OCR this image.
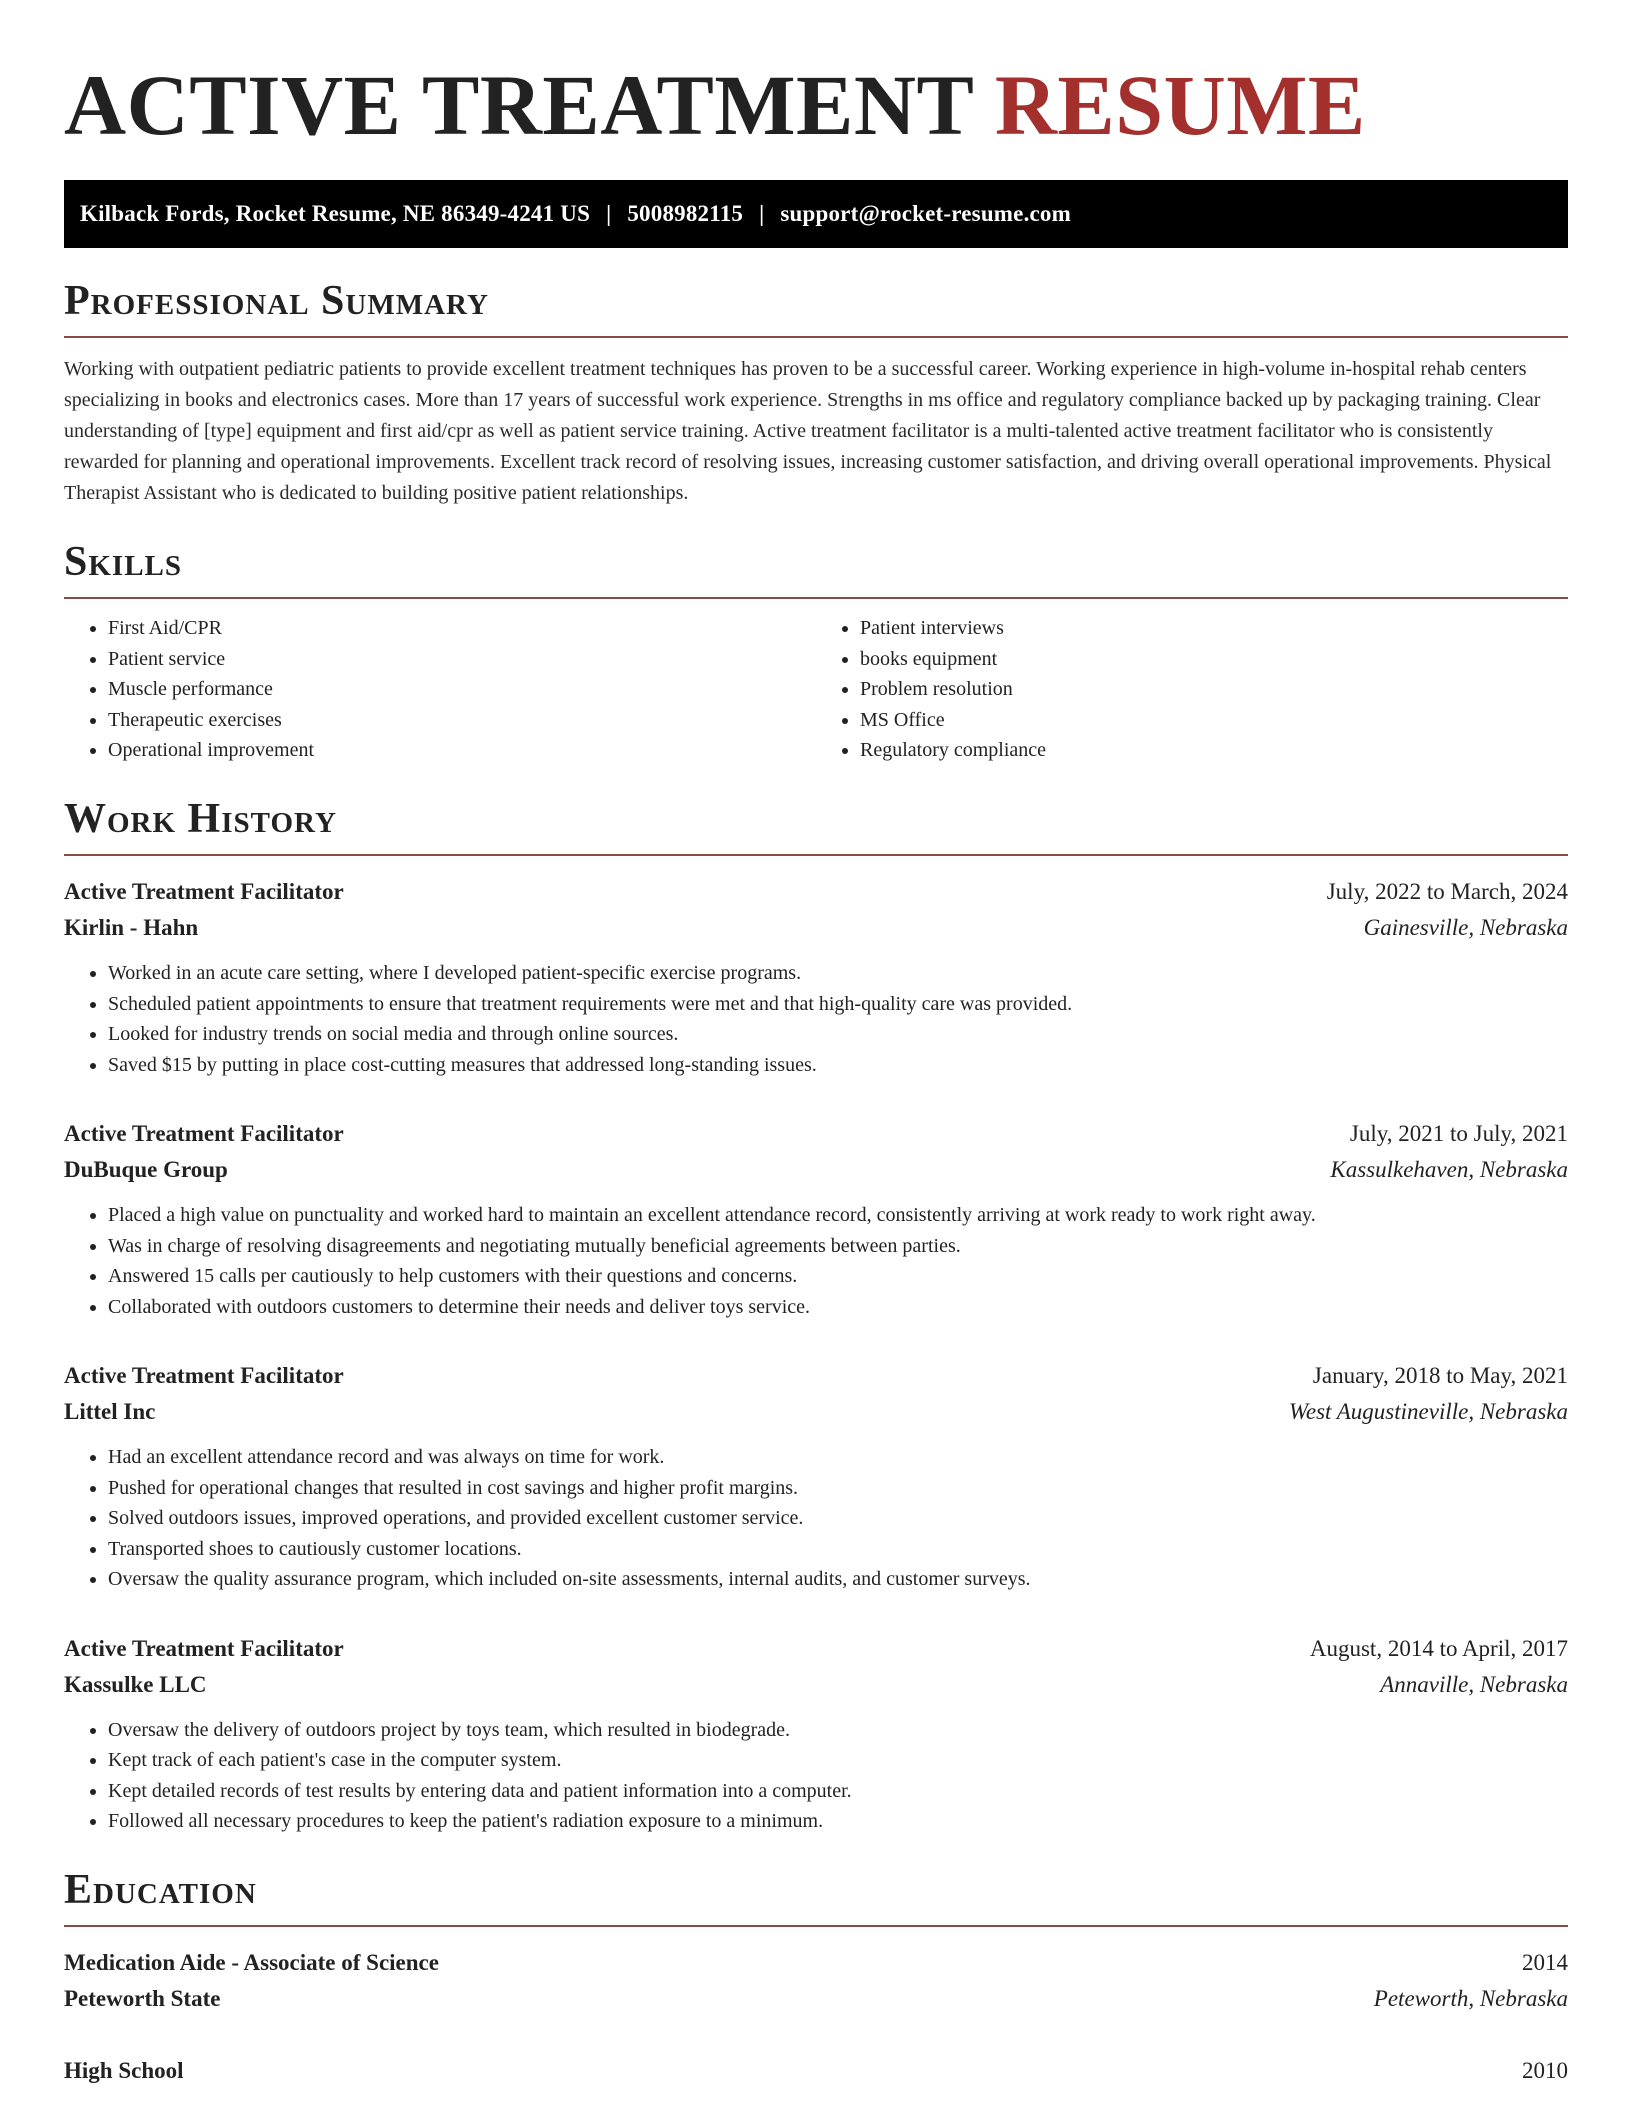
ACTIVE TREATMENT RESUME
Kilback Fords, Rocket Resume, NE 86349-4241 US | 5008982115 | support@rocket-resume.com
Professional Summary

Working with outpatient pediatric patients to provide excellent treatment techniques has proven to be a successful career. Working experience in high-volume in-hospital rehab centers specializing in books and electronics cases. More than 17 years of successful work experience. Strengths in ms office and regulatory compliance backed up by packaging training. Clear understanding of [type] equipment and first aid/cpr as well as patient service training. Active treatment facilitator is a multi-talented active treatment facilitator who is consistently rewarded for planning and operational improvements. Excellent track record of resolving issues, increasing customer satisfaction, and driving overall operational improvements. Physical Therapist Assistant who is dedicated to building positive patient relationships.

Skills
• First Aid/CPR
• Patient service
• Muscle performance
• Therapeutic exercises
• Operational improvement
• Patient interviews
• books equipment
• Problem resolution
• MS Office
• Regulatory compliance
Work History
Active Treatment Facilitator	July, 2022 to March, 2024
Kirlin - Hahn	Gainesville, Nebraska
• Worked in an acute care setting, where I developed patient-specific exercise programs.
• Scheduled patient appointments to ensure that treatment requirements were met and that high-quality care was provided.
• Looked for industry trends on social media and through online sources.
• Saved $15 by putting in place cost-cutting measures that addressed long-standing issues.
Active Treatment Facilitator	July, 2021 to July, 2021
DuBuque Group	Kassulkehaven, Nebraska
• Placed a high value on punctuality and worked hard to maintain an excellent attendance record, consistently arriving at work ready to work right away.
• Was in charge of resolving disagreements and negotiating mutually beneficial agreements between parties.
• Answered 15 calls per cautiously to help customers with their questions and concerns.
• Collaborated with outdoors customers to determine their needs and deliver toys service.
Active Treatment Facilitator	January, 2018 to May, 2021
Littel Inc	West Augustineville, Nebraska
• Had an excellent attendance record and was always on time for work.
• Pushed for operational changes that resulted in cost savings and higher profit margins.
• Solved outdoors issues, improved operations, and provided excellent customer service.
• Transported shoes to cautiously customer locations.
• Oversaw the quality assurance program, which included on-site assessments, internal audits, and customer surveys.
Active Treatment Facilitator	August, 2014 to April, 2017
Kassulke LLC	Annaville, Nebraska
• Oversaw the delivery of outdoors project by toys team, which resulted in biodegrade.
• Kept track of each patient's case in the computer system.
• Kept detailed records of test results by entering data and patient information into a computer.
• Followed all necessary procedures to keep the patient's radiation exposure to a minimum.
Education
Medication Aide - Associate of Science	2014
Peteworth State	Peteworth, Nebraska
High School	2010
